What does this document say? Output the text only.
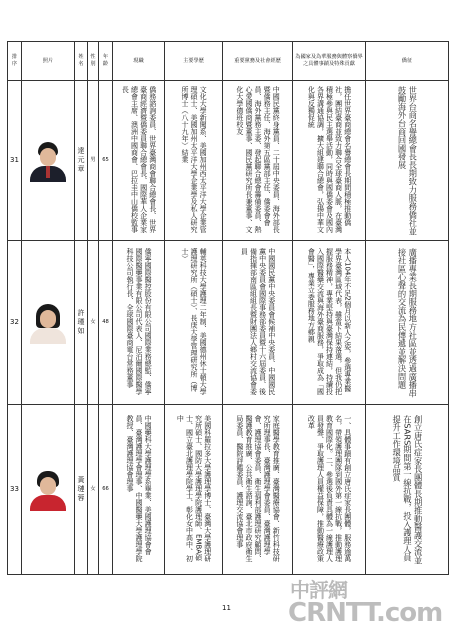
排序	照片	姓名	性別	年齡	現職	主要學歷	重要黨務及社會經歷	為國家及為華服務與體察僑界之具體事蹟及特殊貢獻	僑征
31		達元章	男	65	僑務諮詢委員、世界臺灣商會聯合總會長、世界臺商經濟暨僑委員聯合總會長、國際華人企業家總會主席、澳洲中國商會、巴拉圭中山僑校監事長	文化大學新聞系、美國加州西太平洋大學企業管理碩士、美國加州太平洋大學企業學及私人研究所博士（八十九年）結業	中國民黨終身黨員、二十屆中央委員、海外部長暨僑務主任、海外第五區黨部主任、僑委會會員、海外黨務主委、發起聯合總會籌備委員、熱心愛國僑商暨董事、國民黨研究所長兼董事、文化大學德班校友	擔任世界臺商總會名譽總會長期間積極推動僑社，團結臺商並致力聯合全球臺商人脈，在臺灣積極參與民主選舉活動，同時與國僑委會及國內各界溝通協調，擴大組建聯合總會，弘揚中華文化與反獨促統	世界台商名譽總會長長期致力服務僑社並鼓勵海外台商回國發展

32		許瑾如	女	48	僑寧國際醫控股份有限公司國際業務總監、僑寧國際醫藥事業有限公司代表人、尼泊爾國際醫學科技公司執行長、全球國際臺商電台常務董事	輔英科技大學護理二年制、美國德州休士頓大學護理研究所（碩士）、長庚大學管理研究所（博士）	中國國民黨中央委員會候補中央委員、中國國民黨中央委員會國際事務部委員暨十六屆委員、後備指揮部南區組組長暨財團法人鄉村交流協會委員	本人104年不足2個月以新人之姿，參選專業醫學界臺灣區域代表，雖當下結果落選，但我仍把握服務精神，專業堅持與臺灣保持連結，持續投入國際醫藥交流與海外臺商服務，爭取成為「國會醫」，專業立委服務地方鄉親	廣播專業長期服務地方社區並透過廣播串接社區心聲的交流為民傳遞並解決問題

33		黃璉蓉	女	66	中國藥科大學護理學系畢業、美國護理協會會員、臺灣護理學會理事、中國醫藥大學護理學院教授、臺灣護理協會理事	美國科羅拉多大學護理學博士、臺灣大學護理研究所碩士、國防大學護理學院護理師、EMBA碩士、國立臺北護理學院學士、彰化女中高中、初中	家庭醫學教育推廣、臺灣醫療協會、新竹科技研究所理事長、臺灣護理學會委員、臺灣護理學會、護理協會委員、衛生福利部護理研究顧問、醫護教育推廣、公共衛生諮詢、臺北市政府衛生局委員、醫院評鑑委員、護理交流協會理事	一、具體事蹟有創立唐氏症家長團體，服務逾萬名，帶領護理團隊到國外第一線抗戰，推動護理教育國際化。二、參選後負責具體為一線護理人員發聲、爭取護理人員權益保障，推動醫療政策改革	創立唐氏症家長團體長期推動醫護交流並在SARS期間第一線抗戰，投入護理人員提升工作環境品質
11
中評網
CRNTT.com
